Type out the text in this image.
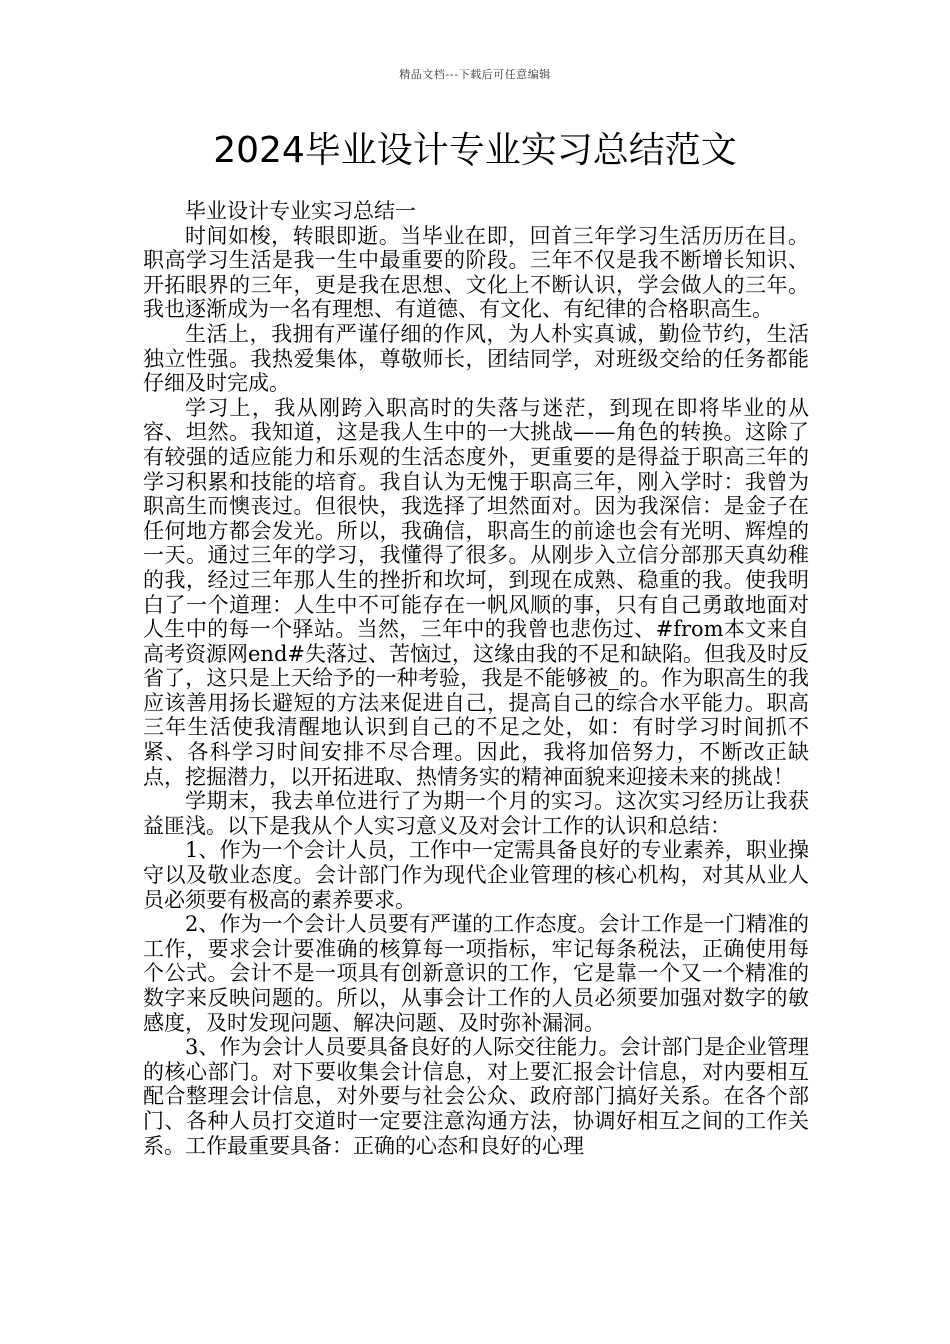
精品文档---下载后可任意编辑
2024毕业设计专业实习总结范文

毕业设计专业实习总结一

时间如梭，转眼即逝。当毕业在即，回首三年学习生活历历在目。职高学习生活是我一生中最重要的阶段。三年不仅是我不断增长知识、开拓眼界的三年，更是我在思想、文化上不断认识，学会做人的三年。我也逐渐成为一名有理想、有道德、有文化、有纪律的合格职高生。

生活上，我拥有严谨仔细的作风，为人朴实真诚，勤俭节约，生活独立性强。我热爱集体，尊敬师长，团结同学，对班级交给的任务都能仔细及时完成。

学习上，我从刚跨入职高时的失落与迷茫，到现在即将毕业的从容、坦然。我知道，这是我人生中的一大挑战——角色的转换。这除了有较强的适应能力和乐观的生活态度外，更重要的是得益于职高三年的学习积累和技能的培育。我自认为无愧于职高三年，刚入学时：我曾为职高生而懊丧过。但很快，我选择了坦然面对。因为我深信：是金子在任何地方都会发光。所以，我确信，职高生的前途也会有光明、辉煌的一天。通过三年的学习，我懂得了很多。从刚步入立信分部那天真幼稚的我，经过三年那人生的挫折和坎坷，到现在成熟、稳重的我。使我明白了一个道理：人生中不可能存在一帆风顺的事，只有自己勇敢地面对人生中的每一个驿站。当然，三年中的我曾也悲伤过、#from本文来自高考资源网end#失落过、苦恼过，这缘由我的不足和缺陷。但我及时反省了，这只是上天给予的一种考验，我是不能够被_的。作为职高生的我应该善用扬长避短的方法来促进自己，提高自己的综合水平能力。职高三年生活使我清醒地认识到自己的不足之处，如：有时学习时间抓不紧、各科学习时间安排不尽合理。因此，我将加倍努力，不断改正缺点，挖掘潜力，以开拓进取、热情务实的精神面貌来迎接未来的挑战！

学期末，我去单位进行了为期一个月的实习。这次实习经历让我获益匪浅。以下是我从个人实习意义及对会计工作的认识和总结：

1、作为一个会计人员，工作中一定需具备良好的专业素养，职业操守以及敬业态度。会计部门作为现代企业管理的核心机构，对其从业人员必须要有极高的素养要求。

2、作为一个会计人员要有严谨的工作态度。会计工作是一门精准的工作，要求会计要准确的核算每一项指标，牢记每条税法，正确使用每个公式。会计不是一项具有创新意识的工作，它是靠一个又一个精准的数字来反映问题的。所以，从事会计工作的人员必须要加强对数字的敏感度，及时发现问题、解决问题、及时弥补漏洞。

3、作为会计人员要具备良好的人际交往能力。会计部门是企业管理的核心部门。对下要收集会计信息，对上要汇报会计信息，对内要相互配合整理会计信息，对外要与社会公众、政府部门搞好关系。在各个部门、各种人员打交道时一定要注意沟通方法，协调好相互之间的工作关系。工作最重要具备：正确的心态和良好的心理
